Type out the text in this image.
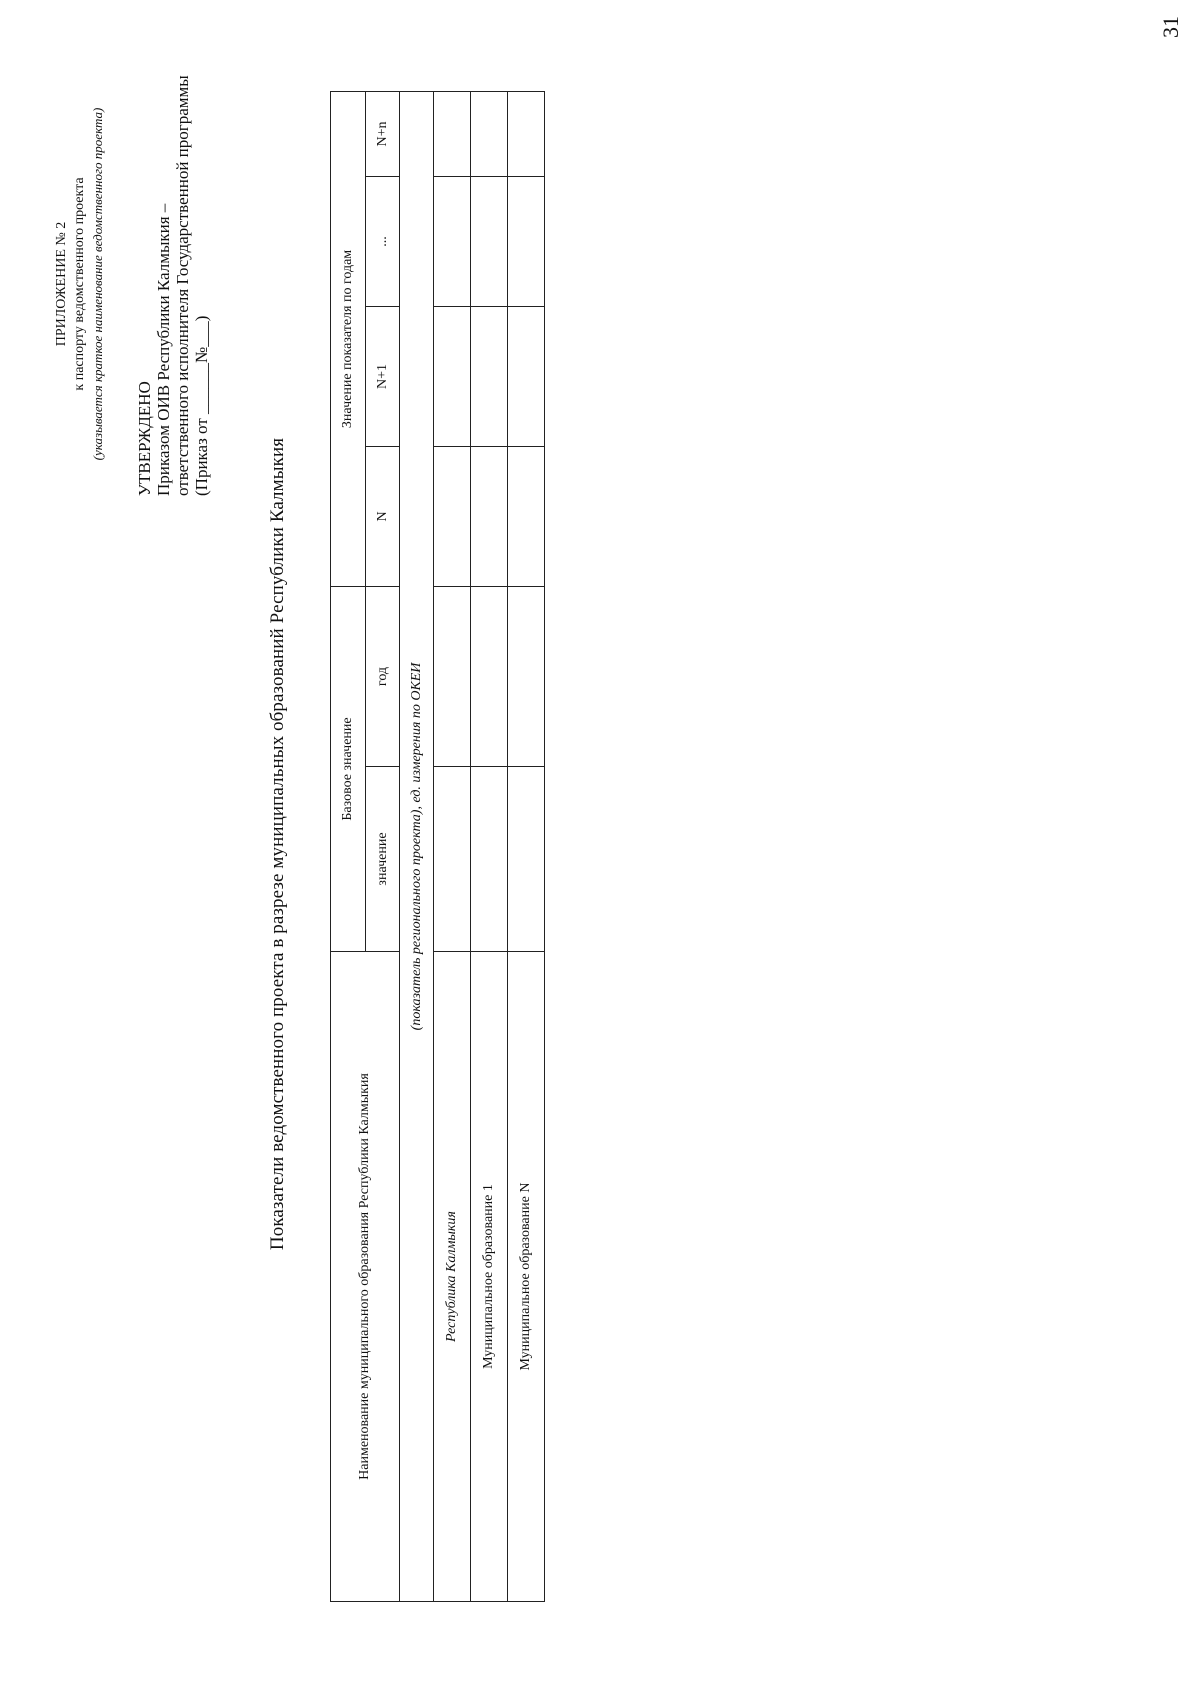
31
ПРИЛОЖЕНИЕ № 2 к паспорту ведомственного проекта (указывается краткое наименование ведомственного проекта) УТВЕРЖДЕНО Приказом ОИВ Республики Калмыкия – ответственного исполнителя Государственной программы (Приказ от ______№___)
Показатели ведомственного проекта в разрезе муниципальных образований Республики Калмыкия
Наименование муниципального образования Республики Калмыкия	Базовое значение		Значение показателя по годам			
	значение	год	N	N+1	...	N+n
(показатель регионального проекта), ед. измерения по ОКЕИ						
Республика Калмыкия						
Муниципальное образование 1						
Муниципальное образование N						
